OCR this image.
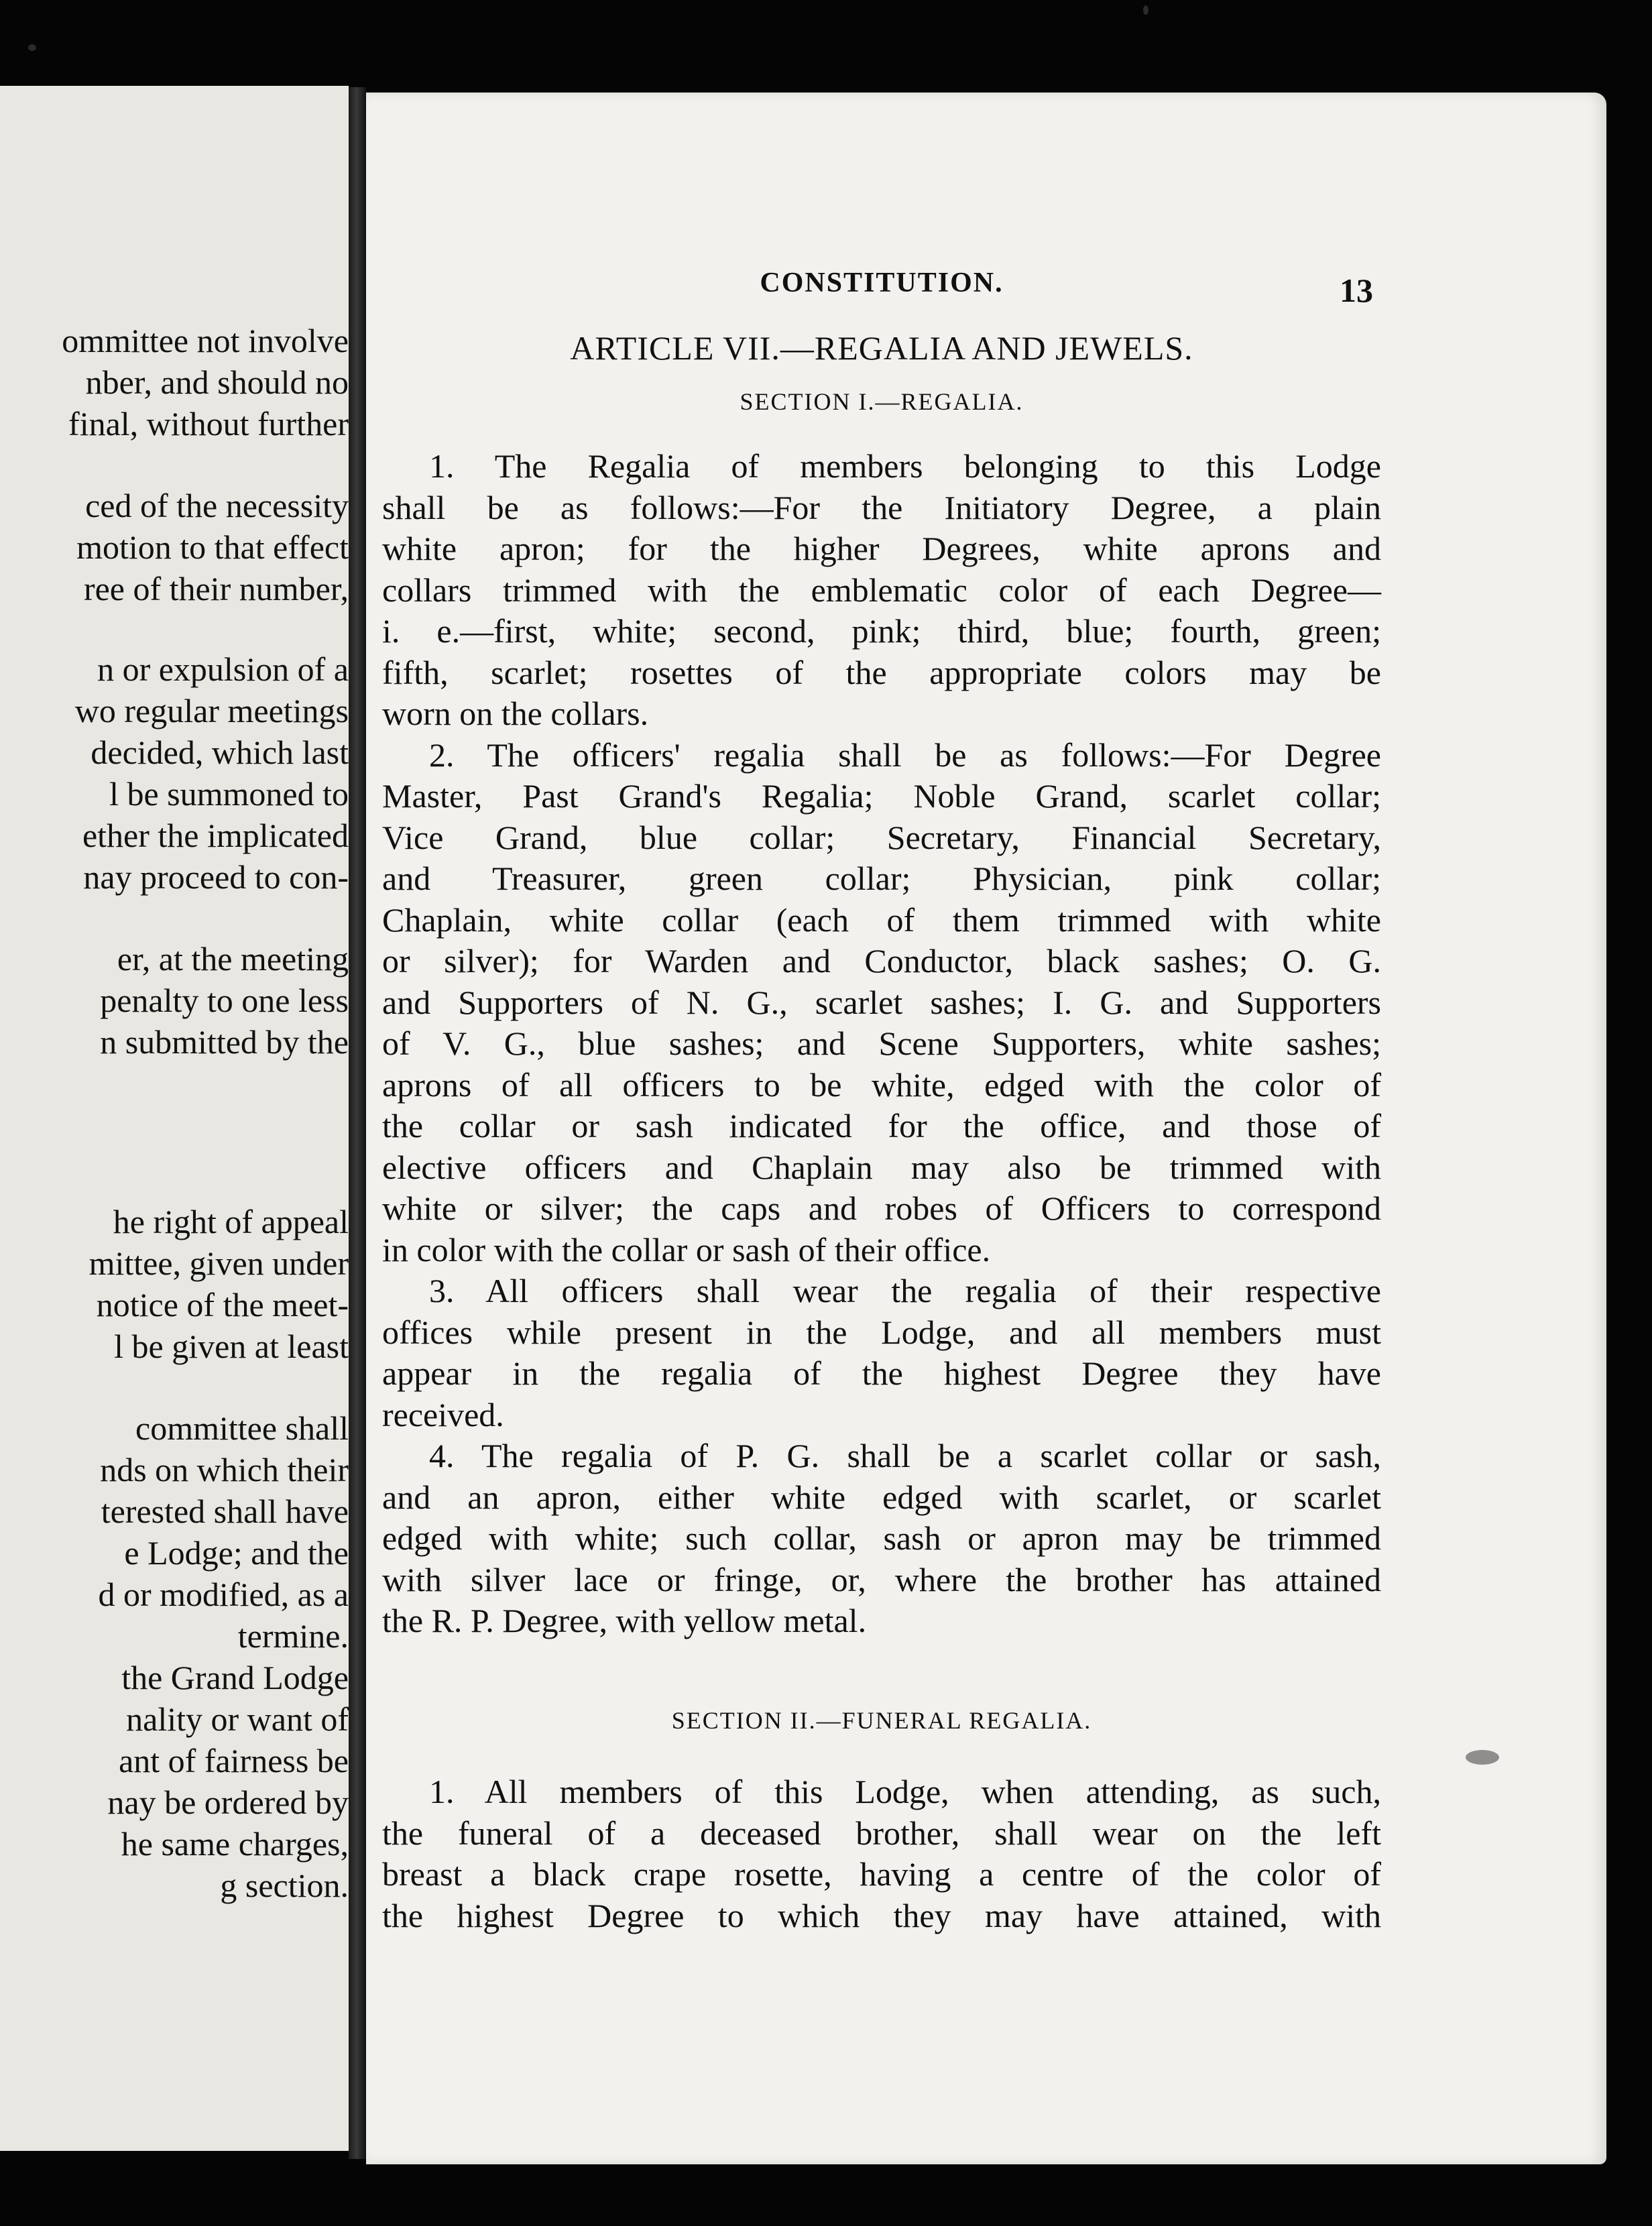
ommittee not involve
nber, and should no
final, without further
ced of the necessity
motion to that effect
ree of their number,
n or expulsion of a
wo regular meetings
decided, which last
l be summoned to
ether the implicated
nay proceed to con-
er, at the meeting
penalty to one less
n submitted by the
he right of appeal
mittee, given under
notice of the meet-
l be given at least
committee shall
nds on which their
terested shall have
e Lodge; and the
d or modified, as a
termine.
the Grand Lodge
nality or want of
ant of fairness be
nay be ordered by
he same charges,
g section.
CONSTITUTION.	13
ARTICLE VII.—REGALIA AND JEWELS.
SECTION I.—REGALIA.
1. The Regalia of members belonging to this Lodge
shall be as follows:—For the Initiatory Degree, a plain
white apron; for the higher Degrees, white aprons and
collars trimmed with the emblematic color of each Degree—
i. e.—first, white; second, pink; third, blue; fourth, green;
fifth, scarlet; rosettes of the appropriate colors may be
worn on the collars.
2. The officers' regalia shall be as follows:—For Degree
Master, Past Grand's Regalia; Noble Grand, scarlet collar;
Vice Grand, blue collar; Secretary, Financial Secretary,
and Treasurer, green collar; Physician, pink collar;
Chaplain, white collar (each of them trimmed with white
or silver); for Warden and Conductor, black sashes; O. G.
and Supporters of N. G., scarlet sashes; I. G. and Supporters
of V. G., blue sashes; and Scene Supporters, white sashes;
aprons of all officers to be white, edged with the color of
the collar or sash indicated for the office, and those of
elective officers and Chaplain may also be trimmed with
white or silver; the caps and robes of Officers to correspond
in color with the collar or sash of their office.
3. All officers shall wear the regalia of their respective
offices while present in the Lodge, and all members must
appear in the regalia of the highest Degree they have
received.
4. The regalia of P. G. shall be a scarlet collar or sash,
and an apron, either white edged with scarlet, or scarlet
edged with white; such collar, sash or apron may be trimmed
with silver lace or fringe, or, where the brother has attained
the R. P. Degree, with yellow metal.
SECTION II.—FUNERAL REGALIA.
1. All members of this Lodge, when attending, as such,
the funeral of a deceased brother, shall wear on the left
breast a black crape rosette, having a centre of the color of
the highest Degree to which they may have attained, with
